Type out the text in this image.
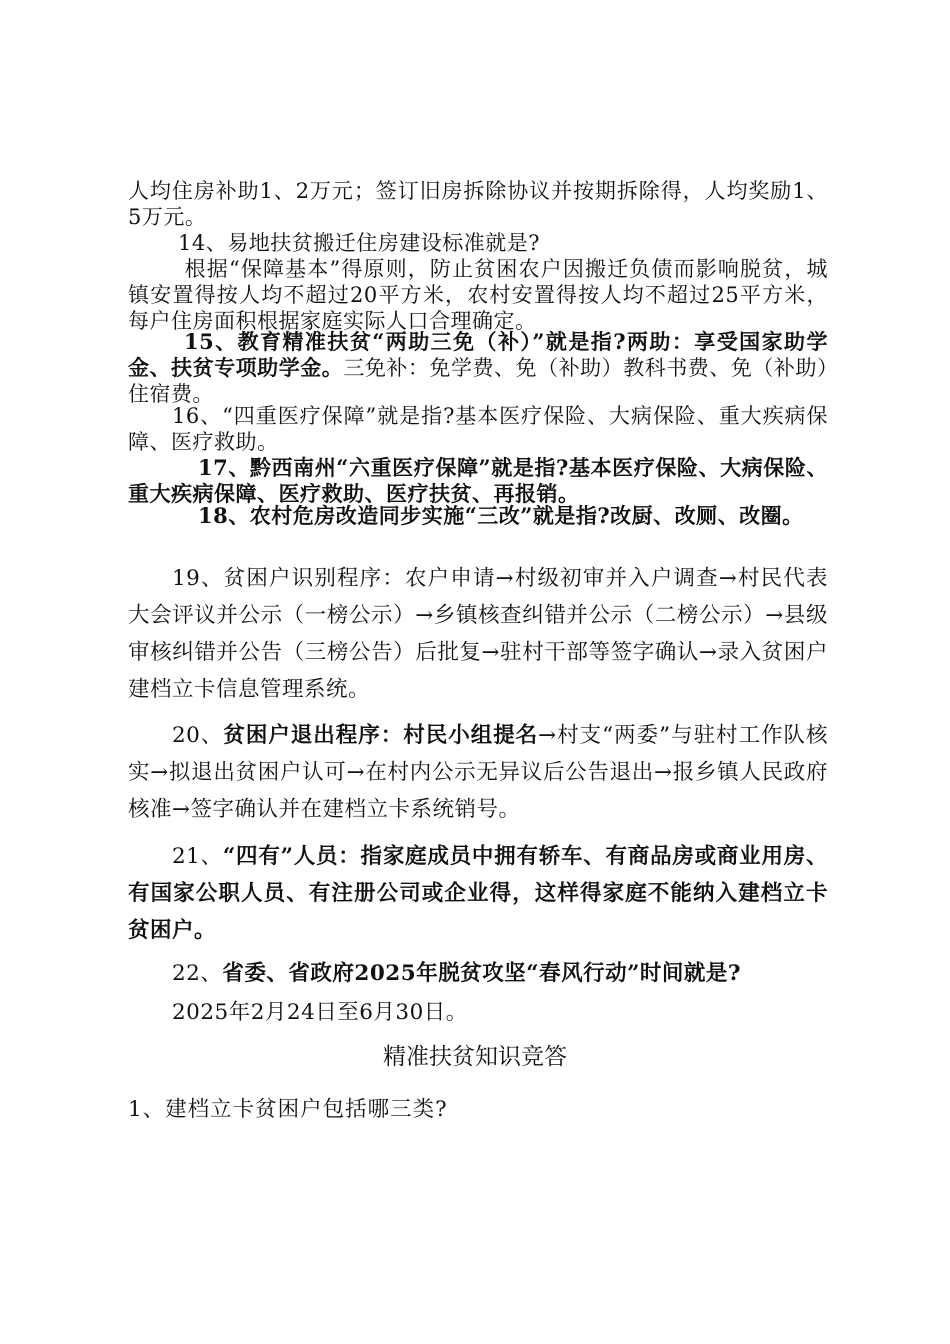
人均住房补助1、2万元；签订旧房拆除协议并按期拆除得，人均奖励1、5万元。

14、易地扶贫搬迁住房建设标准就是?

根据“保障基本”得原则，防止贫困农户因搬迁负债而影响脱贫，城镇安置得按人均不超过20平方米，农村安置得按人均不超过25平方米，每户住房面积根据家庭实际人口合理确定。

15、教育精准扶贫“两助三免（补）”就是指?两助：享受国家助学金、扶贫专项助学金。三免补：免学费、免（补助）教科书费、免（补助）住宿费。

16、“四重医疗保障”就是指?基本医疗保险、大病保险、重大疾病保障、医疗救助。

17、黔西南州“六重医疗保障”就是指?基本医疗保险、大病保险、重大疾病保障、医疗救助、医疗扶贫、再报销。

18、农村危房改造同步实施“三改”就是指?改厨、改厕、改圈。

19、贫困户识别程序：农户申请→村级初审并入户调查→村民代表大会评议并公示（一榜公示）→乡镇核查纠错并公示（二榜公示）→县级审核纠错并公告（三榜公告）后批复→驻村干部等签字确认→录入贫困户建档立卡信息管理系统。

20、贫困户退出程序：村民小组提名→村支“两委”与驻村工作队核实→拟退出贫困户认可→在村内公示无异议后公告退出→报乡镇人民政府核准→签字确认并在建档立卡系统销号。

21、“四有”人员：指家庭成员中拥有轿车、有商品房或商业用房、有国家公职人员、有注册公司或企业得，这样得家庭不能纳入建档立卡贫困户。

22、省委、省政府2025年脱贫攻坚“春风行动”时间就是?

2025年2月24日至6月30日。

精准扶贫知识竞答
1、建档立卡贫困户包括哪三类?
